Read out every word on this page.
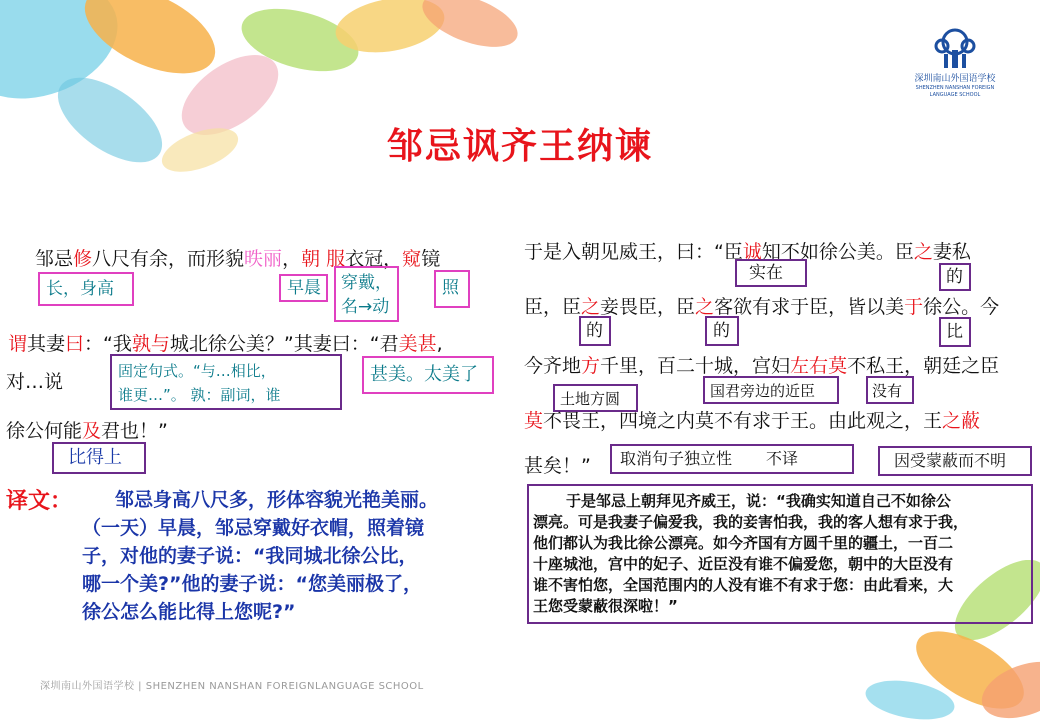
深圳南山外国语学校
SHENZHEN NANSHAN FOREIGN
LANGUAGE SCHOOL
邹忌讽齐王纳谏
邹忌修八尺有余，而形貌昳丽，朝 服衣冠，窥镜
长，身高	早晨	穿戴，
名→动
照
谓其妻曰：“我孰与城北徐公美？”其妻曰：“君美甚,
对…说	固定句式。“与…相比，
谁更…”。 孰：副词，谁
甚美。太美了
徐公何能及君也！”
比得上
译文： 邹忌身高八尺多，形体容貌光艳美丽。
（一天）早晨，邹忌穿戴好衣帽，照着镜
子，对他的妻子说：“我同城北徐公比，
哪一个美?”他的妻子说：“您美丽极了，
徐公怎么能比得上您呢?”
于是入朝见威王，曰：“臣诚知不如徐公美。臣之妻私
实在	的
臣，臣之妾畏臣，臣之客欲有求于臣，皆以美于徐公。今
的	的	比
今齐地方千里，百二十城，宫妇左右莫不私王，朝廷之臣
土地方圆	国君旁边的近臣	没有
莫不畏王，四境之内莫不有求于王。由此观之，王之蔽
甚矣！”	取消句子独立性 不译	因受蒙蔽而不明
于是邹忌上朝拜见齐威王，说：“我确实知道自己不如徐公
漂亮。可是我妻子偏爱我，我的妾害怕我，我的客人想有求于我，
他们都认为我比徐公漂亮。如今齐国有方圆千里的疆土，一百二
十座城池，宫中的妃子、近臣没有谁不偏爱您，朝中的大臣没有
谁不害怕您，全国范围内的人没有谁不有求于您：由此看来，大
王您受蒙蔽很深啦！”
深圳南山外国语学校 | SHENZHEN NANSHAN FOREIGNLANGUAGE SCHOOL
